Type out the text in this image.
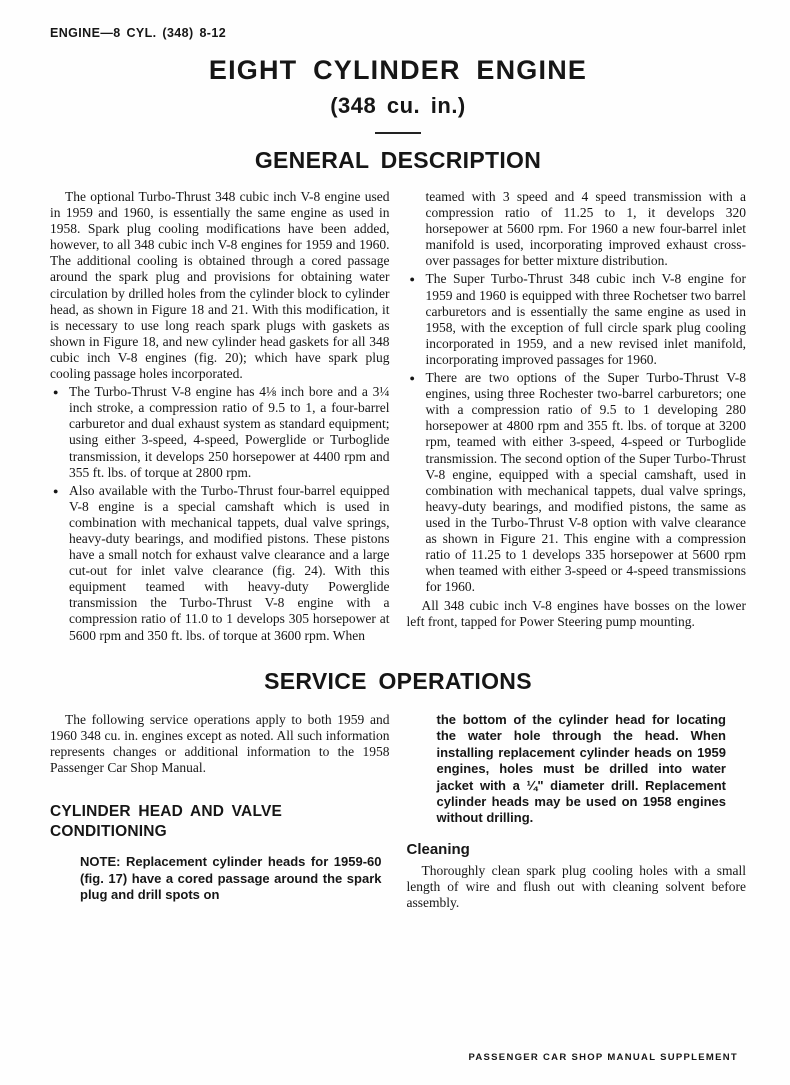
ENGINE—8 CYL. (348) 8-12
EIGHT CYLINDER ENGINE
(348 cu. in.)
GENERAL DESCRIPTION

The optional Turbo-Thrust 348 cubic inch V-8 engine used in 1959 and 1960, is essentially the same engine as used in 1958. Spark plug cooling modifications have been added, however, to all 348 cubic inch V-8 engines for 1959 and 1960. The additional cooling is obtained through a cored passage around the spark plug and provisions for obtaining water circulation by drilled holes from the cylinder block to cylinder head, as shown in Figure 18 and 21. With this modification, it is necessary to use long reach spark plugs with gaskets as shown in Figure 18, and new cylinder head gaskets for all 348 cubic inch V-8 engines (fig. 20); which have spark plug cooling passage holes incorporated.

● The Turbo-Thrust V-8 engine has 4⅛ inch bore and a 3¼ inch stroke, a compression ratio of 9.5 to 1, a four-barrel carburetor and dual exhaust system as standard equipment; using either 3-speed, 4-speed, Powerglide or Turboglide transmission, it develops 250 horsepower at 4400 rpm and 355 ft. lbs. of torque at 2800 rpm.
● Also available with the Turbo-Thrust four-barrel equipped V-8 engine is a special camshaft which is used in combination with mechanical tappets, dual valve springs, heavy-duty bearings, and modified pistons. These pistons have a small notch for exhaust valve clearance and a large cut-out for inlet valve clearance (fig. 24). With this equipment teamed with heavy-duty Powerglide transmission the Turbo-Thrust V-8 engine with a compression ratio of 11.0 to 1 develops 305 horsepower at 5600 rpm and 350 ft. lbs. of torque at 3600 rpm. When

teamed with 3 speed and 4 speed transmission with a compression ratio of 11.25 to 1, it develops 320 horsepower at 5600 rpm. For 1960 a new four-barrel inlet manifold is used, incorporating improved exhaust cross-over passages for better mixture distribution.

● The Super Turbo-Thrust 348 cubic inch V-8 engine for 1959 and 1960 is equipped with three Rochetser two barrel carburetors and is essentially the same engine as used in 1958, with the exception of full circle spark plug cooling incorporated in 1959, and a new revised inlet manifold, incorporating improved passages for 1960.
● There are two options of the Super Turbo-Thrust V-8 engines, using three Rochester two-barrel carburetors; one with a compression ratio of 9.5 to 1 developing 280 horsepower at 4800 rpm and 355 ft. lbs. of torque at 3200 rpm, teamed with either 3-speed, 4-speed or Turboglide transmission. The second option of the Super Turbo-Thrust V-8 engine, equipped with a special camshaft, used in combination with mechanical tappets, dual valve springs, heavy-duty bearings, and modified pistons, the same as used in the Turbo-Thrust V-8 option with valve clearance as shown in Figure 21. This engine with a compression ratio of 11.25 to 1 develops 335 horsepower at 5600 rpm when teamed with either 3-speed or 4-speed transmissions for 1960.

All 348 cubic inch V-8 engines have bosses on the lower left front, tapped for Power Steering pump mounting.

SERVICE OPERATIONS

The following service operations apply to both 1959 and 1960 348 cu. in. engines except as noted. All such information represents changes or additional information to the 1958 Passenger Car Shop Manual.

CYLINDER HEAD AND VALVE CONDITIONING

NOTE: Replacement cylinder heads for 1959-60 (fig. 17) have a cored passage around the spark plug and drill spots on

the bottom of the cylinder head for locating the water hole through the head. When installing replacement cylinder heads on 1959 engines, holes must be drilled into water jacket with a ¼" diameter drill. Replacement cylinder heads may be used on 1958 engines without drilling.

Cleaning

Thoroughly clean spark plug cooling holes with a small length of wire and flush out with cleaning solvent before assembly.

PASSENGER CAR SHOP MANUAL SUPPLEMENT
